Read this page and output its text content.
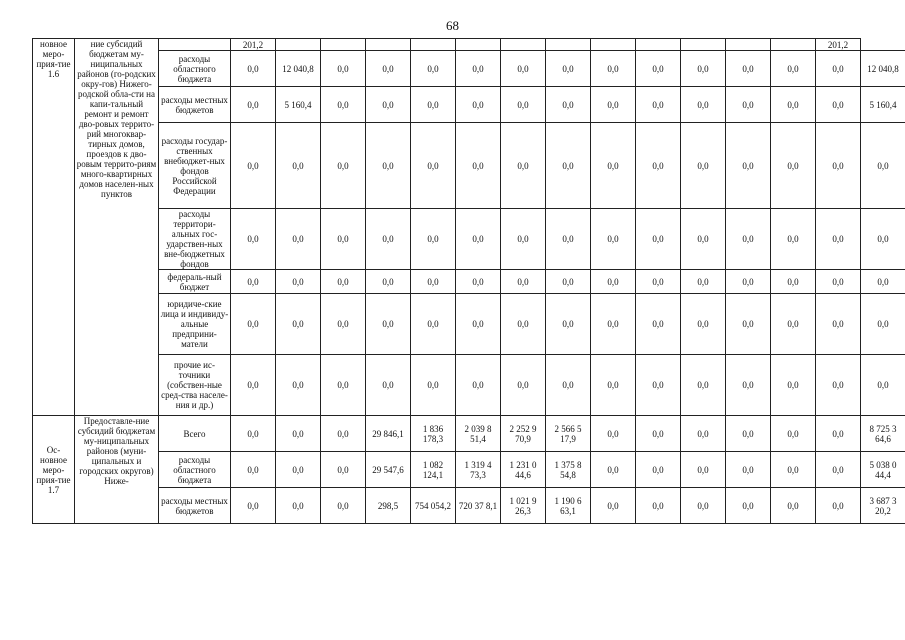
68
новное меро-прия-тие 1.6	ние субсидий бюджетам му-ниципальных районов (го-родских окру-гов) Нижего-родской обла-сти на капи-тальный ремонт и ремонт дво-ровых террито-рий многоквар-тирных домов, проездов к дво-ровым террито-риям много-квартирных домов населен-ных пунктов		201,2													201,2	
		расходы областного бюджета	0,0	12 040,8	0,0	0,0	0,0	0,0	0,0	0,0	0,0	0,0	0,0	0,0	0,0	0,0	12 040,8
		расходы местных бюджетов	0,0	5 160,4	0,0	0,0	0,0	0,0	0,0	0,0	0,0	0,0	0,0	0,0	0,0	0,0	5 160,4
		расходы государ-ственных внебюджет-ных фондов Российской Федерации	0,0	0,0	0,0	0,0	0,0	0,0	0,0	0,0	0,0	0,0	0,0	0,0	0,0	0,0	0,0
		расходы территори-альных гос-ударствен-ных вне-бюджетных фондов	0,0	0,0	0,0	0,0	0,0	0,0	0,0	0,0	0,0	0,0	0,0	0,0	0,0	0,0	0,0
		федераль-ный бюджет	0,0	0,0	0,0	0,0	0,0	0,0	0,0	0,0	0,0	0,0	0,0	0,0	0,0	0,0	0,0
		юридиче-ские лица и индивиду-альные предприни-матели	0,0	0,0	0,0	0,0	0,0	0,0	0,0	0,0	0,0	0,0	0,0	0,0	0,0	0,0	0,0
		прочие ис-точники (собствен-ные сред-ства населе-ния и др.)	0,0	0,0	0,0	0,0	0,0	0,0	0,0	0,0	0,0	0,0	0,0	0,0	0,0	0,0	0,0
Ос-новное меро-прия-тие 1.7	Предоставле-ние субсидий бюджетам му-ниципальных районов (муни-ципальных и городских округов) Ниже-	Всего	0,0	0,0	0,0	29 846,1	1 836 178,3	2 039 8 51,4	2 252 9 70,9	2 566 5 17,9	0,0	0,0	0,0	0,0	0,0	0,0	8 725 3 64,6
		расходы областного бюджета	0,0	0,0	0,0	29 547,6	1 082 124,1	1 319 4 73,3	1 231 0 44,6	1 375 8 54,8	0,0	0,0	0,0	0,0	0,0	0,0	5 038 0 44,4
		расходы местных бюджетов	0,0	0,0	0,0	298,5	754 054,2	720 37 8,1	1 021 9 26,3	1 190 6 63,1	0,0	0,0	0,0	0,0	0,0	0,0	3 687 3 20,2
